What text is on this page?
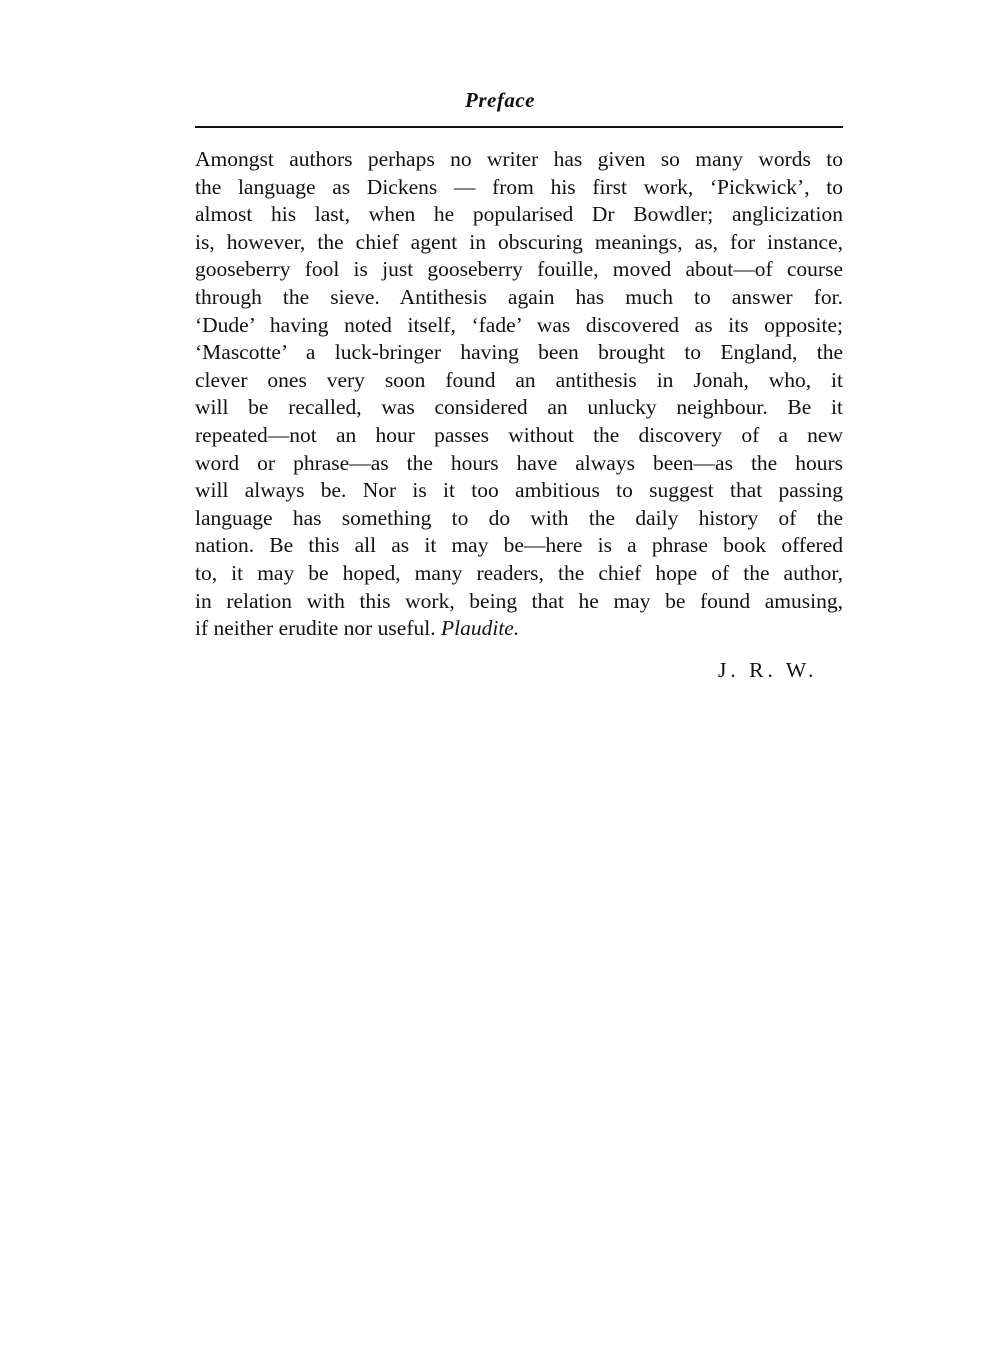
Preface
Amongst authors perhaps no writer has given so many words to
the language as Dickens — from his first work, ‘Pickwick’, to
almost his last, when he popularised Dr Bowdler; anglicization
is, however, the chief agent in obscuring meanings, as, for instance,
gooseberry fool is just gooseberry fouille, moved about—of course
through the sieve. Antithesis again has much to answer for.
‘Dude’ having noted itself, ‘fade’ was discovered as its opposite;
‘Mascotte’ a luck-bringer having been brought to England, the
clever ones very soon found an antithesis in Jonah, who, it
will be recalled, was considered an unlucky neighbour. Be it
repeated—not an hour passes without the discovery of a new
word or phrase—as the hours have always been—as the hours
will always be. Nor is it too ambitious to suggest that passing
language has something to do with the daily history of the
nation. Be this all as it may be—here is a phrase book offered
to, it may be hoped, many readers, the chief hope of the author,
in relation with this work, being that he may be found amusing,
if neither erudite nor useful. Plaudite.
J. R. W.
